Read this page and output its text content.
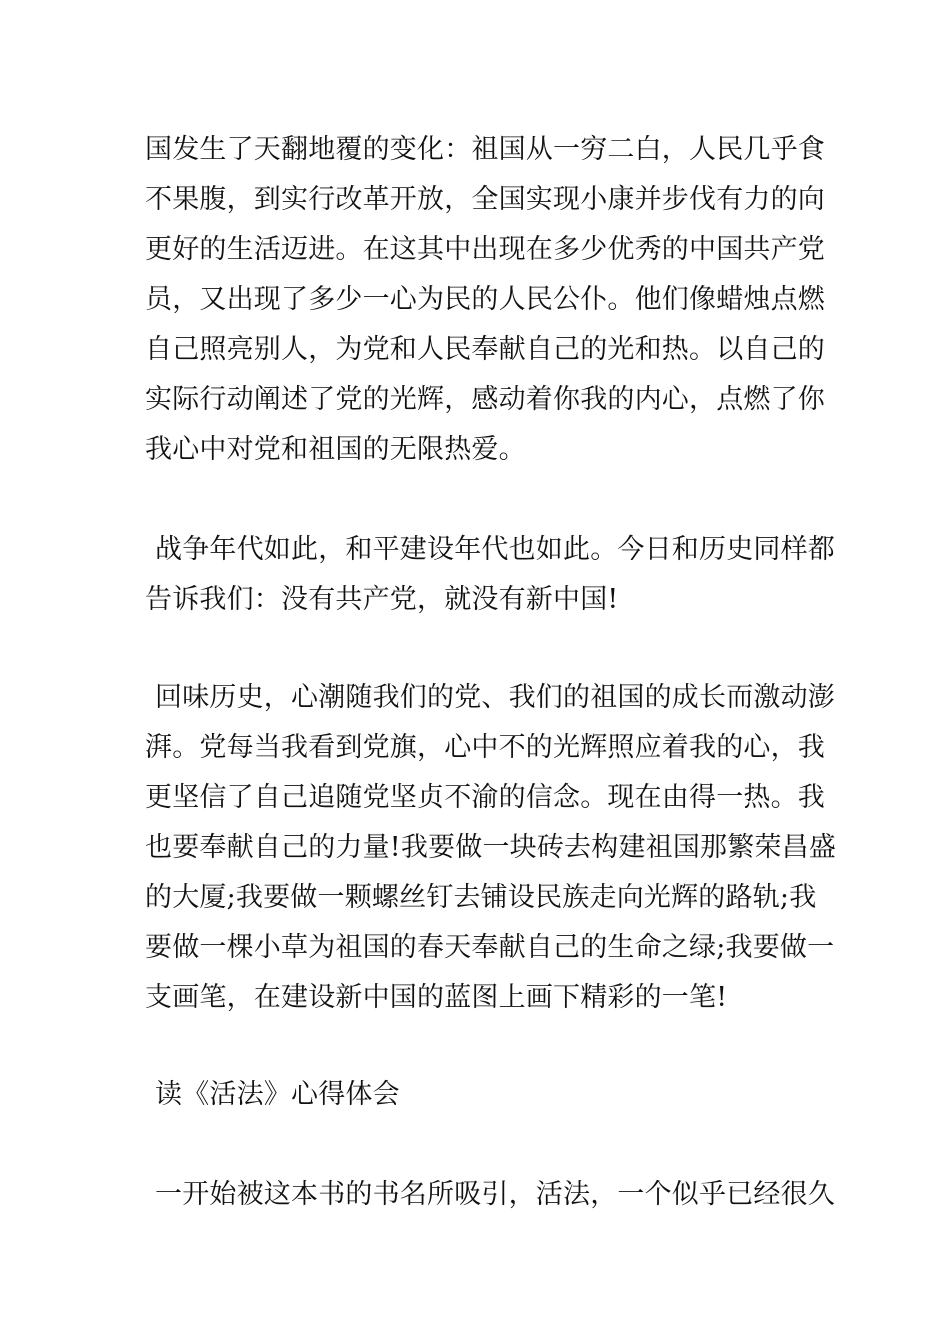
国发生了天翻地覆的变化：祖国从一穷二白，人民几乎食
不果腹，到实行改革开放，全国实现小康并步伐有力的向
更好的生活迈进。在这其中出现在多少优秀的中国共产党
员，又出现了多少一心为民的人民公仆。他们像蜡烛点燃
自己照亮别人，为党和人民奉献自己的光和热。以自己的
实际行动阐述了党的光辉，感动着你我的内心，点燃了你
我心中对党和祖国的无限热爱。
战争年代如此，和平建设年代也如此。今日和历史同样都
告诉我们：没有共产党，就没有新中国!
回味历史，心潮随我们的党、我们的祖国的成长而激动澎
湃。党每当我看到党旗，心中不的光辉照应着我的心，我
更坚信了自己追随党坚贞不渝的信念。现在由得一热。我
也要奉献自己的力量!我要做一块砖去构建祖国那繁荣昌盛
的大厦;我要做一颗螺丝钉去铺设民族走向光辉的路轨;我
要做一棵小草为祖国的春天奉献自己的生命之绿;我要做一
支画笔，在建设新中国的蓝图上画下精彩的一笔!
读《活法》心得体会
一开始被这本书的书名所吸引，活法，一个似乎已经很久
